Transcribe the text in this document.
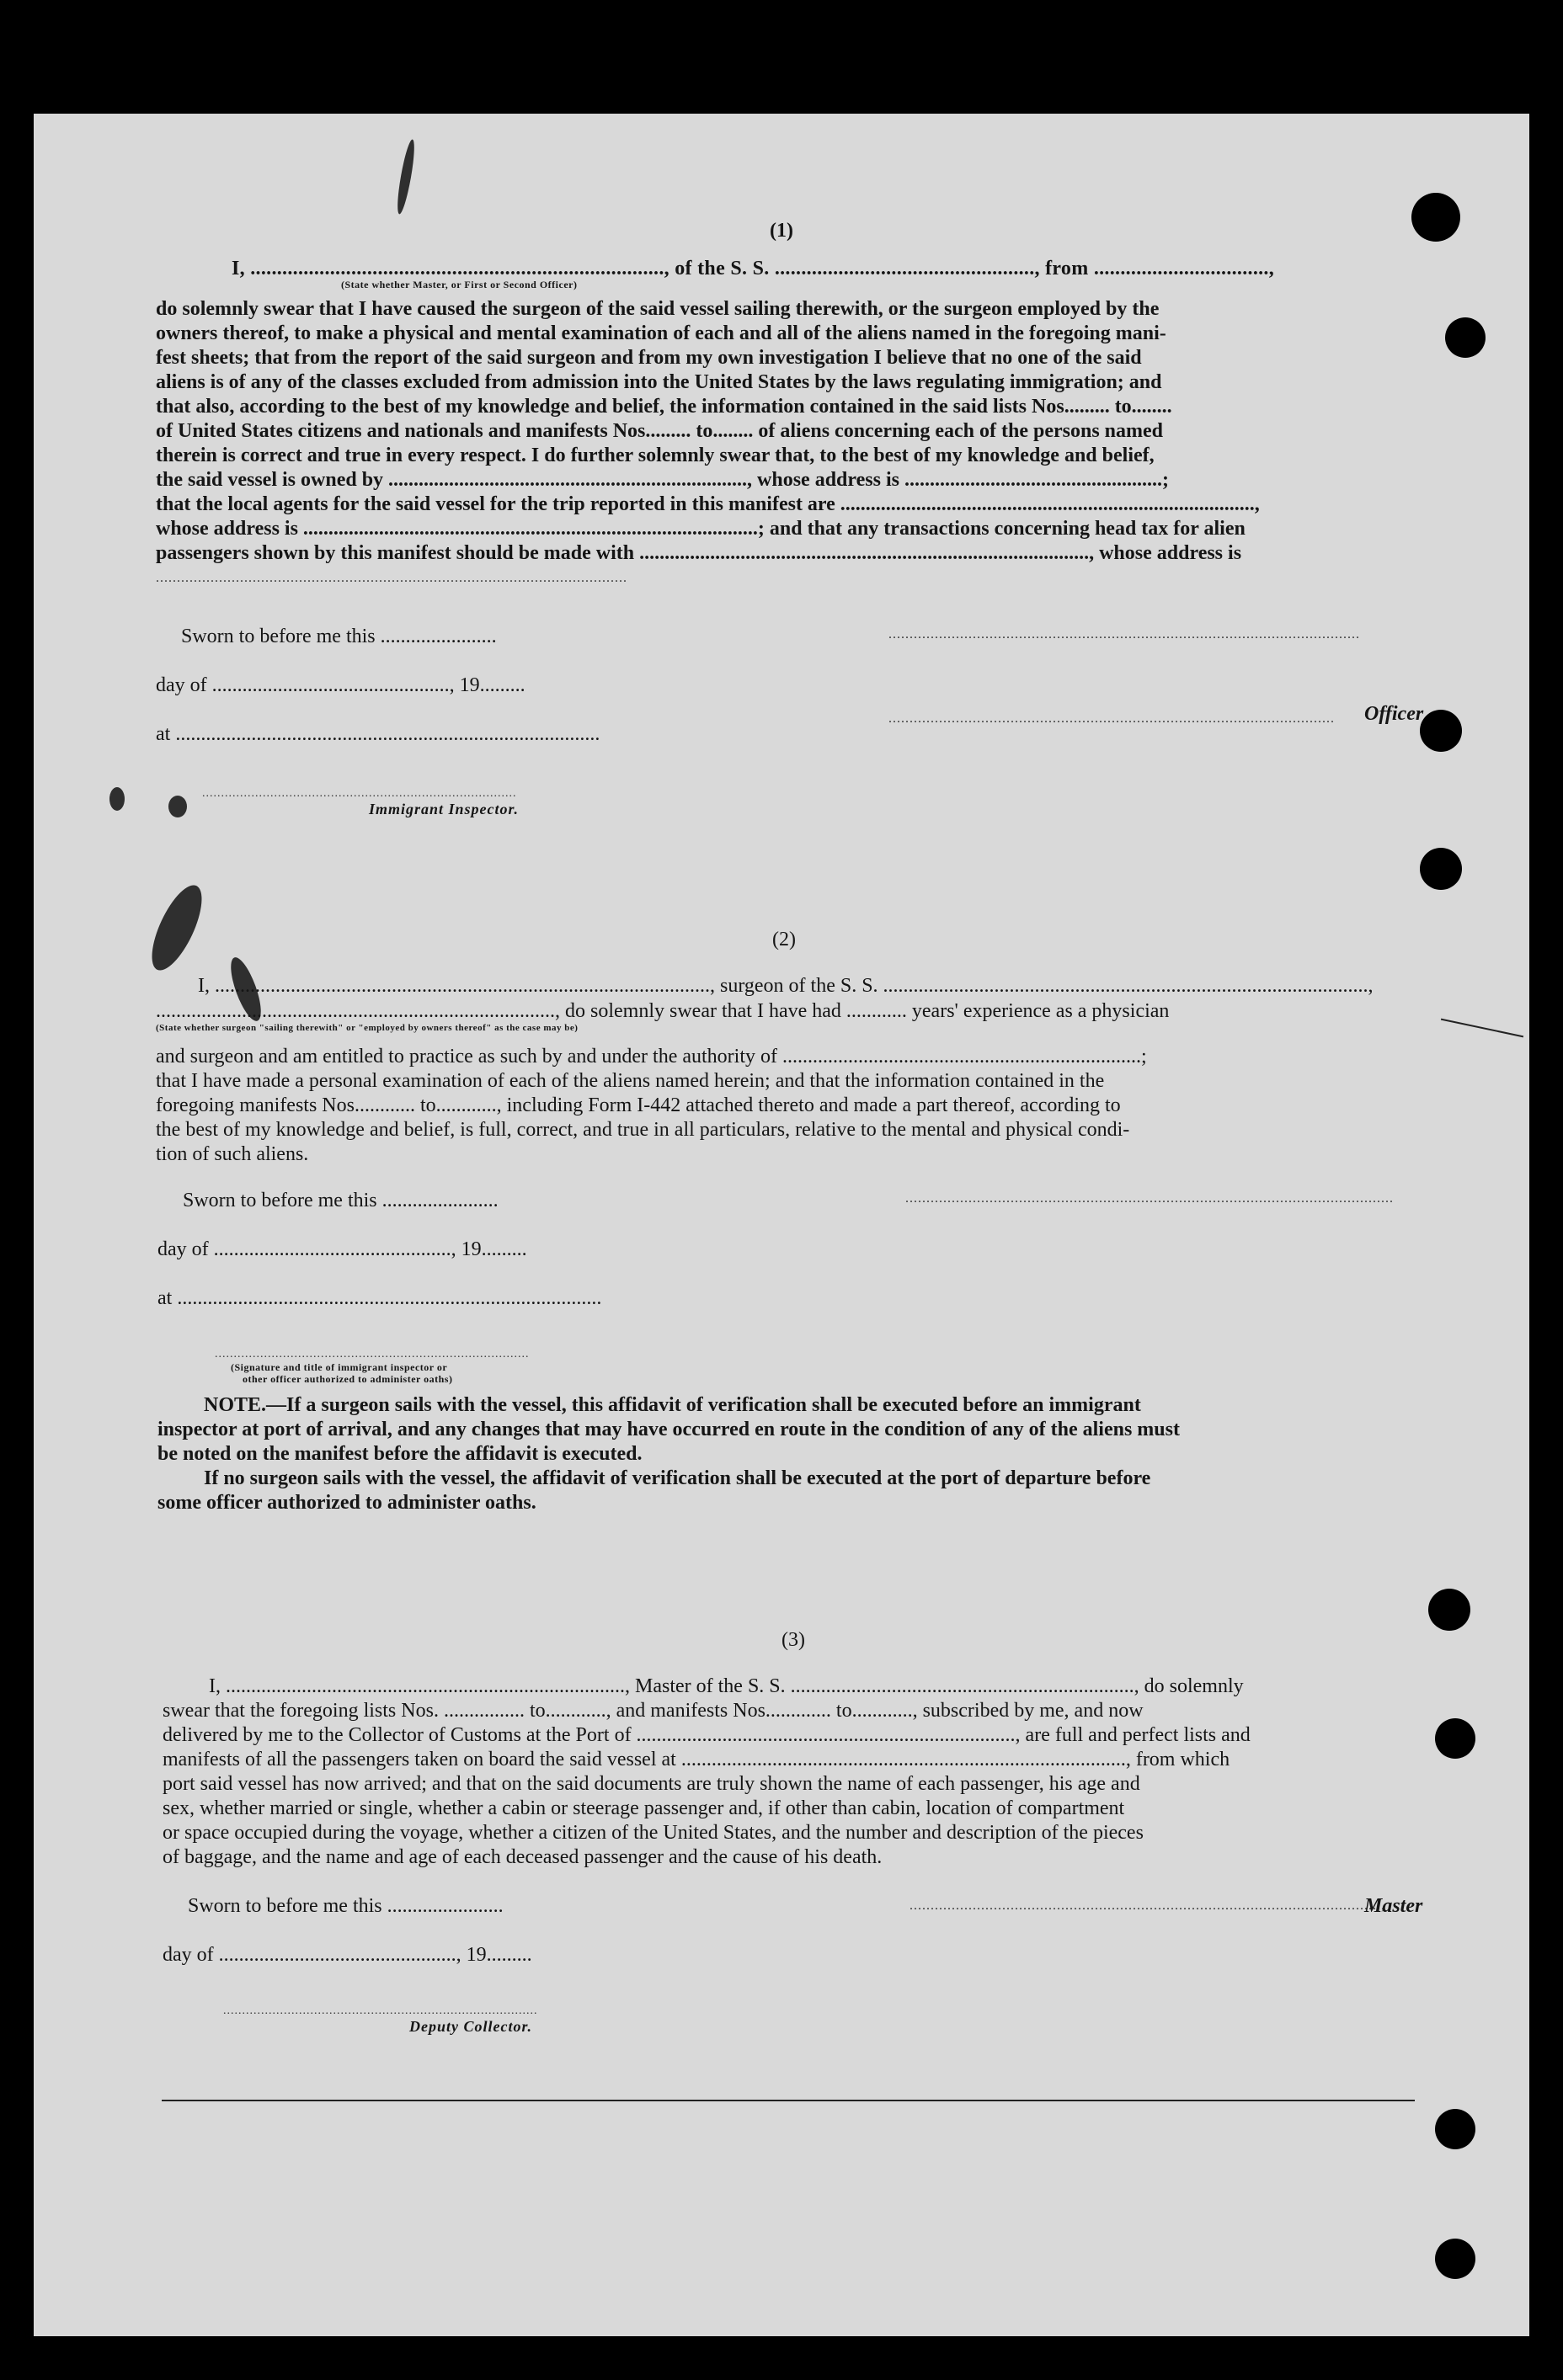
(1)
I, .............................................................................., of the S. S. ................................................., from .................................,
(State whether Master, or First or Second Officer)
do solemnly swear that I have caused the surgeon of the said vessel sailing therewith, or the surgeon employed by the
owners thereof, to make a physical and mental examination of each and all of the aliens named in the foregoing mani-
fest sheets; that from the report of the said surgeon and from my own investigation I believe that no one of the said
aliens is of any of the classes excluded from admission into the United States by the laws regulating immigration; and
that also, according to the best of my knowledge and belief, the information contained in the said lists Nos......... to........
of United States citizens and nationals and manifests Nos......... to........ of aliens concerning each of the persons named
therein is correct and true in every respect. I do further solemnly swear that, to the best of my knowledge and belief,
the said vessel is owned by ......................................................................., whose address is ...................................................;
that the local agents for the said vessel for the trip reported in this manifest are ..................................................................................,
whose address is ..........................................................................................; and that any transactions concerning head tax for alien
passengers shown by this manifest should be made with ........................................................................................., whose address is
................................................................................................................
Sworn to before me this .......................
day of ..............................................., 19.........
at ....................................................................................
................................................................................................................
.......................................................................................................... Officer
...................................................................................
Immigrant Inspector.
(2)
I, .................................................................................................., surgeon of the S. S. ................................................................................................,
..............................................................................., do solemnly swear that I have had ............ years' experience as a physician
(State whether surgeon "sailing therewith" or "employed by owners thereof" as the case may be)
and surgeon and am entitled to practice as such by and under the authority of .......................................................................;
that I have made a personal examination of each of the aliens named herein; and that the information contained in the
foregoing manifests Nos............ to............, including Form I-442 attached thereto and made a part thereof, according to
the best of my knowledge and belief, is full, correct, and true in all particulars, relative to the mental and physical condi-
tion of such aliens.
Sworn to before me this .......................
day of ..............................................., 19.........
at ....................................................................................
....................................................................................................................
...................................................................................
(Signature and title of immigrant inspector or
other officer authorized to administer oaths)
NOTE.—If a surgeon sails with the vessel, this affidavit of verification shall be executed before an immigrant
inspector at port of arrival, and any changes that may have occurred en route in the condition of any of the aliens must
be noted on the manifest before the affidavit is executed.
If no surgeon sails with the vessel, the affidavit of verification shall be executed at the port of departure before
some officer authorized to administer oaths.
(3)
I, ..............................................................................., Master of the S. S. ...................................................................., do solemnly
swear that the foregoing lists Nos. ................ to............, and manifests Nos............. to............, subscribed by me, and now
delivered by me to the Collector of Customs at the Port of ..........................................................................., are full and perfect lists and
manifests of all the passengers taken on board the said vessel at ........................................................................................, from which
port said vessel has now arrived; and that on the said documents are truly shown the name of each passenger, his age and
sex, whether married or single, whether a cabin or steerage passenger and, if other than cabin, location of compartment
or space occupied during the voyage, whether a citizen of the United States, and the number and description of the pieces
of baggage, and the name and age of each deceased passenger and the cause of his death.
Sworn to before me this .......................
day of ..............................................., 19.........
................................................................................................................,
Master
...................................................................................
Deputy Collector.
